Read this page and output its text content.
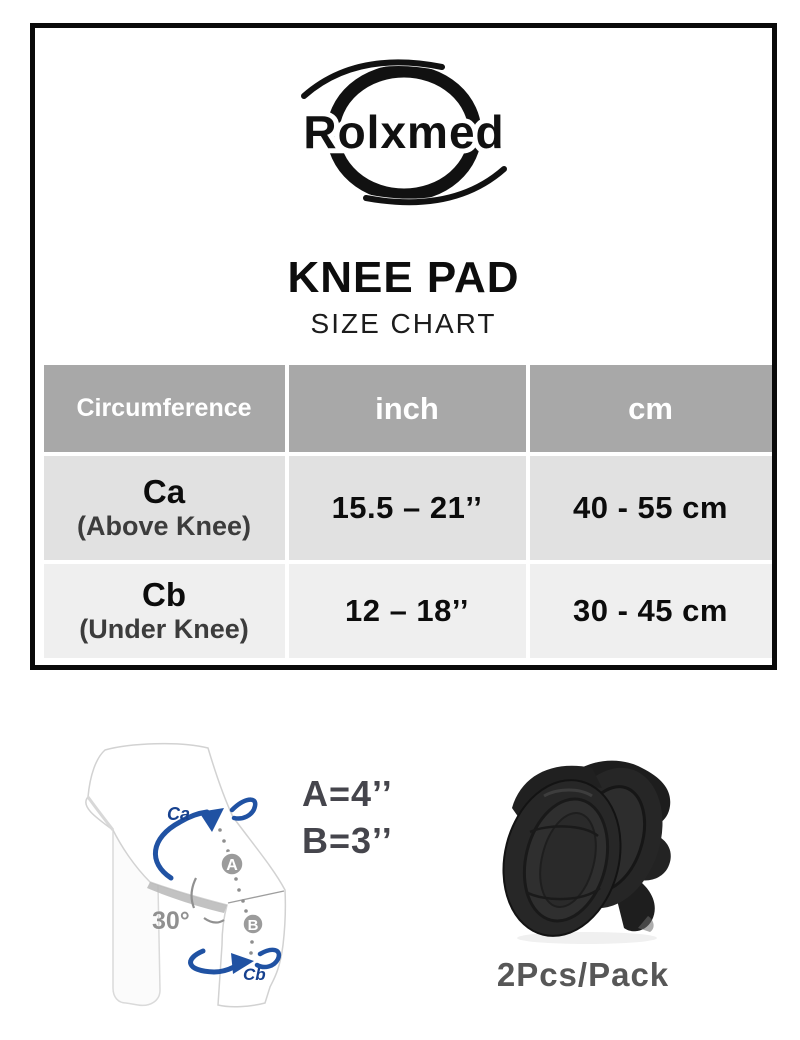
Rolxmed
KNEE PAD
SIZE CHART
Circumference	inch	cm
Ca
(Above Knee)
15.5 – 21’’	40 - 55 cm
Cb
(Under Knee)
12 – 18’’	30 - 45 cm
30°
Ca
Cb
A
B
A=4’’
B=3’’
2Pcs/Pack
